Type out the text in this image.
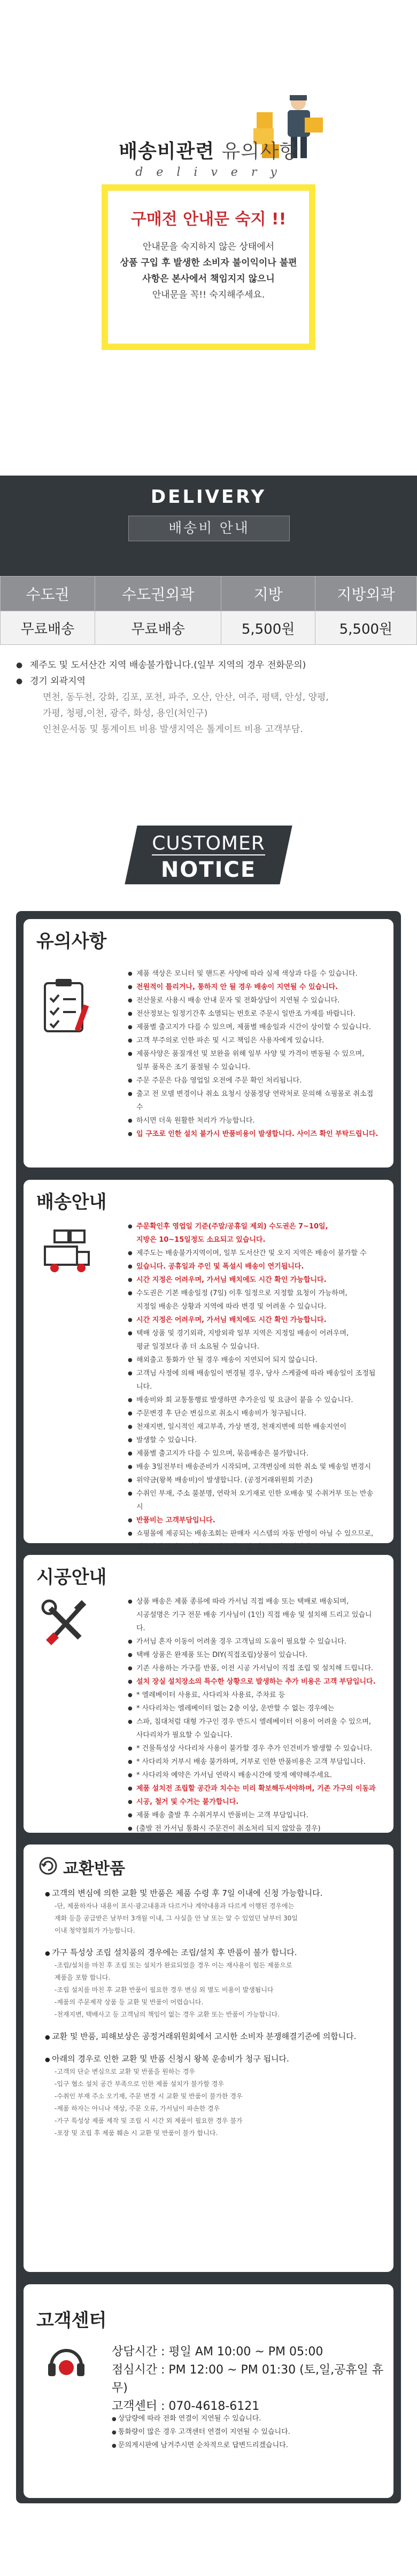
배송비관련 유의사항
d e l i v e r y
구매전 안내문 숙지 !!

안내문을 숙지하지 않은 상태에서

상품 구입 후 발생한 소비자 불이익이나 불편

사항은 본사에서 책임지지 않으니

안내문을 꼭!! 숙지해주세요.

DELIVERY
배송비 안내
수도권	수도권외곽	지방	지방외곽
무료배송	무료배송	5,500원	5,500원
● 제주도 및 도서산간 지역 배송불가합니다.(일부 지역의 경우 전화문의)
● 경기 외곽지역
면천, 동두천, 강화, 김포, 포천, 파주, 오산, 안산, 여주, 평택, 안성, 양평,
가평, 청평,이천, 광주, 화성, 용인(처인구)
인천운서동 및 통계이트 비용 발생지역은 톨게이트 비용 고객부담.
CUSTOMER
NOTICE
유의사항
● 제품 색상은 모니터 및 핸드폰 사양에 따라 실제 색상과 다를 수 있습니다.
● 전원적이 틀리거나, 통하지 안 될 경우 배송이 지연될 수 있습니다.
● 전산물로 사용시 배송 안내 문자 및 전화상담이 지연될 수 있습니다.
● 전산정보는 일정기간후 소멸되는 번호로 주문시 일반조 가제를 바랍니다.
● 제품별 출고지가 다를 수 있으며, 제품별 배송일과 시간이 상이할 수 있습니다.
● 고객 부주의로 인한 파손 및 시고 책임은 사용자에게 있습니다.
● 제품사양은 품질개선 및 보완을 위해 일부 사양 및 가격이 변동될 수 있으며,
일부 품목은 조기 품절될 수 있습니다.
● 주문 주문은 다음 영업일 오전에 주문 확인 처리됩니다.
● 출고 전 모델 변경이나 취소 요청시 상품정당 연락처로 문의해 쇼핑몰로 취소접수
● 하시면 더욱 원활한 처리가 가능합니다.
● 입 구조로 인한 설치 불가시 반품비용이 발생합니다. 사이즈 확인 부탁드립니다.
배송안내
● 주문확인후 영업일 기준(주말/공휴일 제외) 수도권은 7~10일,
지방은 10~15일정도 소요되고 있습니다.
● 제주도는 배송불가지역이며, 일부 도서산간 및 오지 지역은 배송이 불가할 수
● 있습니다. 공휴일과 주인 및 폭설시 배송이 연기됩니다.
● 시간 지정은 어려우며, 가서님 배치에도 시간 확인 가능합니다.
● 수도권은 기본 배송일정 (7일) 이후 일정으로 지정할 요청이 가능하며,
지정일 배송은 상황과 지역에 따라 변경 및 어려울 수 있습니다.
● 시간 지정은 어려우며, 가서님 배치에도 시간 확인 가능합니다.
● 택배 상품 및 경기외곽, 지방외곽 일부 지역은 지정일 배송이 어려우며,
평균 일정보다 좀 더 소요될 수 있습니다.
● 해외출고 통화가 안 될 경우 배송이 지연되어 되지 않습니다.
● 고객님 사정에 의해 배송일이 변경될 경우, 당사 스케쥴에 따라 배송일이 조정됩니다.
● 배송비와 회 교통통행료 발생하면 추가운임 및 요금이 붙을 수 있습니다.
● 주문변경 후 단순 변심으로 취소시 배송비가 청구됩니다.
● 천재지변, 일시적인 재고부족, 가상 변경, 천재지변에 의한 배송지연이
● 발생할 수 있습니다.
● 제품별 출고지가 다를 수 있으며, 묶음배송은 불가합니다.
● 배송 3일전부터 배송준비가 시작되며, 고객변심에 의한 취소 및 배송일 변경시
● 위약금(왕복 배송비)이 발생합니다. (공정거래위원회 기준)
● 수취인 부재, 주소 불분명, 연락처 오기재로 인한 오배송 및 수취거부 또는 반송시
● 반품비는 고객부담입니다.
● 쇼핑몰에 제공되는 배송조회는 판매자 시스템의 자동 반영이 아닐 수 있으므로,
배송관련 문의는 지원으로 발송되는 참 정보 부탁드립니다.
시공안내
● 상품 배송은 제품 종류에 따라 가서님 직접 배송 또는 택배로 배송되며,
시공설명은 기구 전문 배송 기사님이 (1인) 직접 배송 및 설치해 드리고 있습니다.
● 가서님 혼자 이동이 어려울 경우 고객님의 도움이 필요할 수 있습니다.
● 택배 상품은 완제품 또는 DIY(직접조립)상품이 있습니다.
● 기존 사용하는 가구를 반품, 이전 시공 가서님이 직접 조립 및 설치해 드립니다.
● 설치 장실 설치장소의 특수한 상황으로 발생하는 추가 비용은 고객 부담입니다.
● * 엘레베이터 사용료, 사다리차 사용료, 주차료 등
● * 사다리차는 엘레베이터 없는 2층 이상, 운반할 수 없는 경우에는
● 스파, 침대처럼 대형 가구인 경우 반드시 엘레베이터 이용이 어려울 수 있으며,
사다리차가 필요할 수 있습니다.
● * 건물특성상 사다리차 사용이 불가할 경우 추가 인건비가 발생할 수 있습니다.
● * 사다리차 거부시 배송 불가하며, 거부로 인한 반품비용은 고객 부담입니다.
● * 사다리차 예약은 가서님 연락시 배송시간에 맞게 예약해주세요.
● 제품 설치전 조립할 공간과 치수는 미리 확보해두셔야하며, 기존 가구의 이동과
● 시공, 철거 및 수거는 불가합니다.
● 제품 배송 출발 후 수취거부시 반품비는 고객 부담입니다.
● (출발 전 가서님 통화시 주문건이 취소처리 되지 않았을 경우)
교환반품
● 고객의 변심에 의한 교환 및 반품은 제품 수령 후 7일 이내에 신청 가능합니다.
-단, 제품하자나 내용이 표시·광고내용과 다르거나 계약내용과 다르게 이행된 경우에는
재화 등을 공급받은 날부터 3개월 이내, 그 사실을 안 날 또는 알 수 있었던 날부터 30일
이내 청약철회가 가능합니다.
● 가구 특성상 조립 설치품의 경우에는 조립/설치 후 반품이 불가 합니다.
-조립/설치를 마친 후 조립 또는 설치가 완료되었을 경우 이는 재사용이 힘든 제품으로
제품을 포함 합니다.
-조립 설치를 마친 후 교환 반품이 필요한 경우 변심 외 별도 비용이 발생됩니다
-제품의 주문제작 상품 등 교환 및 반품이 어렵습니다.
-천재지변, 택배사고 등 고객님의 책임이 없는 경우 교환 또는 반품이 가능합니다.
● 교환 및 반품, 피해보상은 공정거래위원회에서 고시한 소비자 분쟁해결기준에 의합니다.
● 아래의 경우로 인한 교환 및 반품 신청시 왕복 운송비가 청구 됩니다.
-고객의 단순 변심으로 교환 및 반품을 원하는 경우
-입구 협소 설치 공간 부족으로 인한 제품 설치가 불가할 경우
-수취인 부재 주소 오기재, 주문 변경 시 교환 및 반품이 불가한 경우
-제품 하자는 아니나 색상, 주문 오류, 가서님이 파손한 경우
-가구 특성상 제품 제작 및 조립 시 시간 외 제품이 필요한 경우 불가
-포장 및 조립 후 제품 훼손 시 교환 및 반품이 불가 합니다.
고객센터
상담시간 : 평일 AM 10:00 ~ PM 05:00
점심시간 : PM 12:00 ~ PM 01:30 (토,일,공휴일 휴무)
고객센터 : 070-4618-6121
● 상담량에 따라 전화 연결이 지연될 수 있습니다.
● 통화량이 많은 경우 고객센터 연결이 지연될 수 있습니다.
● 문의게시판에 남겨주시면 순차적으로 답변드리겠습니다.
